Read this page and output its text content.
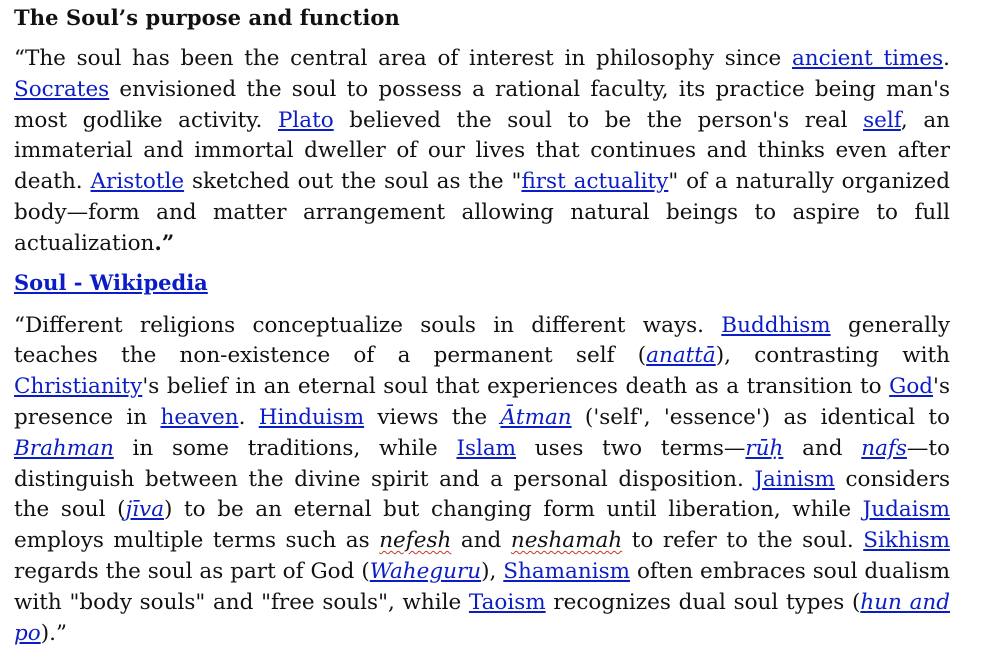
The Soul’s purpose and function

“The soul has been the central area of interest in philosophy since ancient times. Socrates envisioned the soul to possess a rational faculty, its practice being man's most godlike activity. Plato believed the soul to be the person's real self, an immaterial and immortal dweller of our lives that continues and thinks even after death. Aristotle sketched out the soul as the "first actuality" of a naturally organized body—form and matter arrangement allowing natural beings to aspire to full actualization.”

Soul - Wikipedia

“Different religions conceptualize souls in different ways. Buddhism generally teaches the non-existence of a permanent self (anattā), contrasting with Christianity's belief in an eternal soul that experiences death as a transition to God's presence in heaven. Hinduism views the Ātman ('self', 'essence') as identical to Brahman in some traditions, while Islam uses two terms—rūḥ and nafs—to distinguish between the divine spirit and a personal disposition. Jainism considers the soul (jīva) to be an eternal but changing form until liberation, while Judaism employs multiple terms such as nefesh and neshamah to refer to the soul. Sikhism regards the soul as part of God (Waheguru), Shamanism often embraces soul dualism with "body souls" and "free souls", while Taoism recognizes dual soul types (hun and po).”
